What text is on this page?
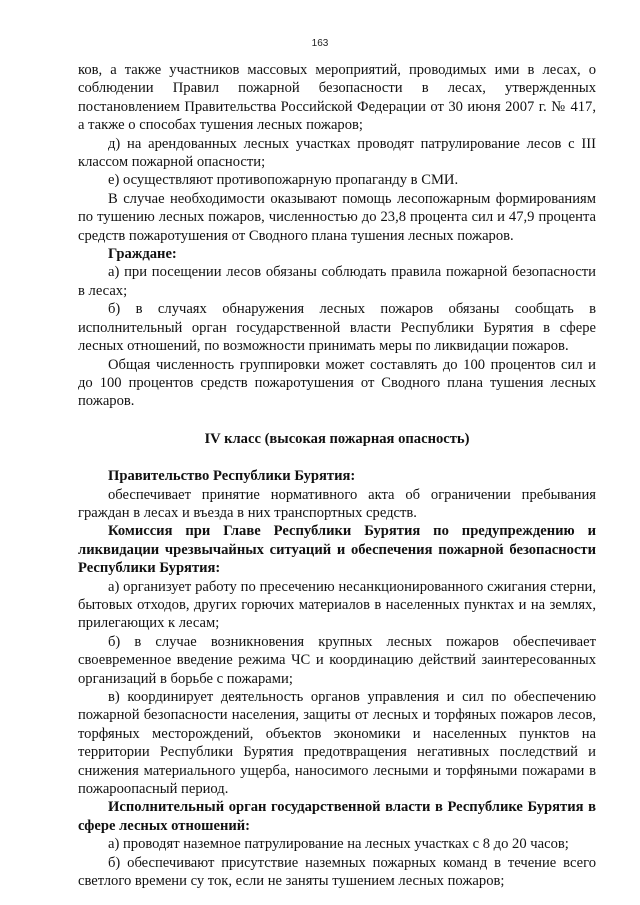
163

ков, а также участников массовых мероприятий, проводимых ими в лесах, о соблюдении Правил пожарной безопасности в лесах, утвержденных постановлением Правительства Российской Федерации от 30 июня 2007 г. № 417, а также о способах тушения лесных пожаров;

д) на арендованных лесных участках проводят патрулирование лесов с III классом пожарной опасности;

е) осуществляют противопожарную пропаганду в СМИ.

В случае необходимости оказывают помощь лесопожарным формированиям по тушению лесных пожаров, численностью до 23,8 процента сил и 47,9 процента средств пожаротушения от Сводного плана тушения лесных пожаров.

Граждане:

а) при посещении лесов обязаны соблюдать правила пожарной безопасности в лесах;

б) в случаях обнаружения лесных пожаров обязаны сообщать в исполнительный орган государственной власти Республики Бурятия в сфере лесных отношений, по возможности принимать меры по ликвидации пожаров.

Общая численность группировки может составлять до 100 процентов сил и до 100 процентов средств пожаротушения от Сводного плана тушения лесных пожаров.

IV класс (высокая пожарная опасность)

Правительство Республики Бурятия:

обеспечивает принятие нормативного акта об ограничении пребывания граждан в лесах и въезда в них транспортных средств.

Комиссия при Главе Республики Бурятия по предупреждению и ликвидации чрезвычайных ситуаций и обеспечения пожарной безопасности Республики Бурятия:

а) организует работу по пресечению несанкционированного сжигания стерни, бытовых отходов, других горючих материалов в населенных пунктах и на землях, прилегающих к лесам;

б) в случае возникновения крупных лесных пожаров обеспечивает своевременное введение режима ЧС и координацию действий заинтересованных организаций в борьбе с пожарами;

в) координирует деятельность органов управления и сил по обеспечению пожарной безопасности населения, защиты от лесных и торфяных пожаров лесов, торфяных месторождений, объектов экономики и населенных пунктов на территории Республики Бурятия предотвращения негативных последствий и снижения материального ущерба, наносимого лесными и торфяными пожарами в пожароопасный период.

Исполнительный орган государственной власти в Республике Бурятия в сфере лесных отношений:

а) проводят наземное патрулирование на лесных участках с 8 до 20 часов;

б) обеспечивают присутствие наземных пожарных команд в течение всего светлого времени су ток, если не заняты тушением лесных пожаров;
